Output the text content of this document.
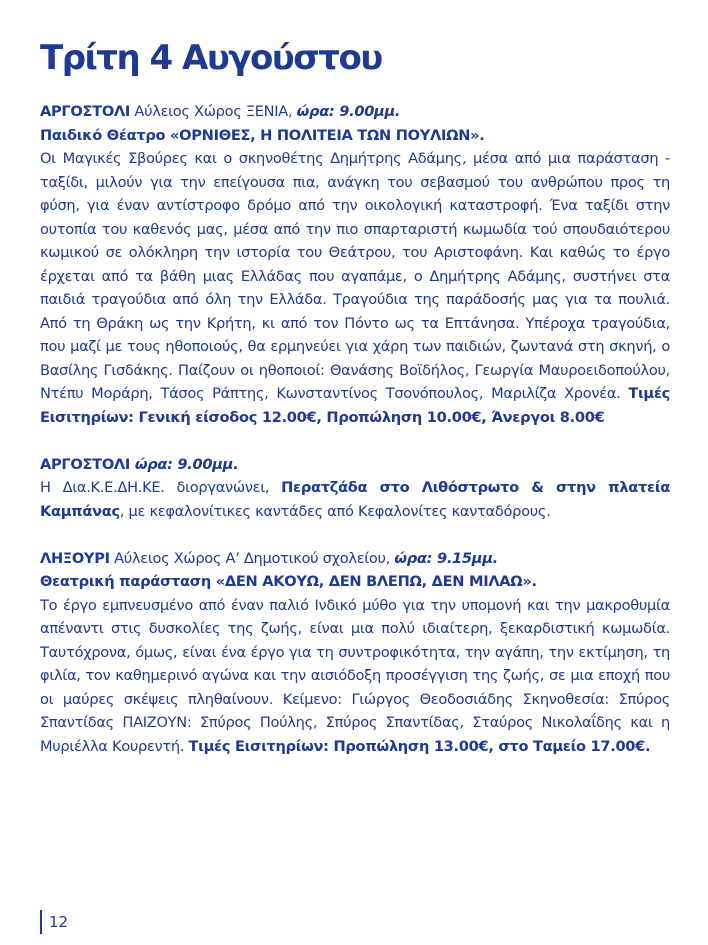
Τρίτη 4 Αυγούστου

ΑΡΓΟΣΤΟΛΙ Αύλειος Χώρος ΞΕΝΙΑ, ώρα: 9.00μμ.

Παιδικό Θέατρο «ΟΡΝΙΘΕΣ, Η ΠΟΛΙΤΕΙΑ ΤΩΝ ΠΟΥΛΙΩΝ».

Οι Μαγικές Σβούρες και ο σκηνοθέτης Δημήτρης Αδάμης, μέσα από μια παράσταση - ταξίδι, μιλούν για την επείγουσα πια, ανάγκη του σεβασμού του ανθρώπου προς τη φύση, για έναν αντίστροφο δρόμο από την οικολογική καταστροφή. Ένα ταξίδι στην ουτοπία του καθενός μας, μέσα από την πιο σπαρταριστή κωμωδία τού σπουδαιότερου κωμικού σε ολόκληρη την ιστορία του Θεάτρου, του Αριστοφάνη. Και καθώς το έργο έρχεται από τα βάθη μιας Ελλάδας που αγαπάμε, ο Δημήτρης Αδάμης, συστήνει στα παιδιά τραγούδια από όλη την Ελλάδα. Τραγούδια της παράδοσής μας για τα πουλιά. Από τη Θράκη ως την Κρήτη, κι από τον Πόντο ως τα Επτάνησα. Υπέροχα τραγούδια, που μαζί με τους ηθοποιούς, θα ερμηνεύει για χάρη των παιδιών, ζωντανά στη σκηνή, ο Βασίλης Γισδάκης. Παίζουν οι ηθοποιοί: Θανάσης Βοϊδήλος, Γεωργία Μαυροειδοπούλου, Ντέπυ Μοράρη, Τάσος Ράπτης, Κωνσταντίνος Τσονόπουλος, Μαριλίζα Χρονέα. Τιμές Εισιτηρίων: Γενική είσοδος 12.00€, Προπώληση 10.00€, Άνεργοι 8.00€

ΑΡΓΟΣΤΟΛΙ ώρα: 9.00μμ.

Η Δια.Κ.Ε.ΔΗ.ΚΕ. διοργανώνει, Περατζάδα στο Λιθόστρωτο & στην πλατεία Καμπάνας, με κεφαλονίτικες καντάδες από Κεφαλονίτες κανταδόρους.

ΛΗΞΟΥΡΙ Αύλειος Χώρος Α’ Δημοτικού σχολείου, ώρα: 9.15μμ.

Θεατρική παράσταση «ΔΕΝ ΑΚΟΥΩ, ΔΕΝ ΒΛΕΠΩ, ΔΕΝ ΜΙΛΑΩ».

Το έργο εμπνευσμένο από έναν παλιό Ινδικό μύθο για την υπομονή και την μακροθυμία απέναντι στις δυσκολίες της ζωής, είναι μια πολύ ιδιαίτερη, ξεκαρδιστική κωμωδία. Ταυτόχρονα, όμως, είναι ένα έργο για τη συντροφικότητα, την αγάπη, την εκτίμηση, τη φιλία, τον καθημερινό αγώνα και την αισιόδοξη προσέγγιση της ζωής, σε μια εποχή που οι μαύρες σκέψεις πληθαίνουν. Κείμενο: Γιώργος Θεοδοσιάδης Σκηνοθεσία: Σπύρος Σπαντίδας ΠΑΙΖΟΥΝ: Σπύρος Πούλης, Σπύρος Σπαντίδας, Σταύρος Νικολαΐδης και η Μυριέλλα Κουρεντή. Τιμές Εισιτηρίων: Προπώληση 13.00€, στο Ταμείο 17.00€.

12
